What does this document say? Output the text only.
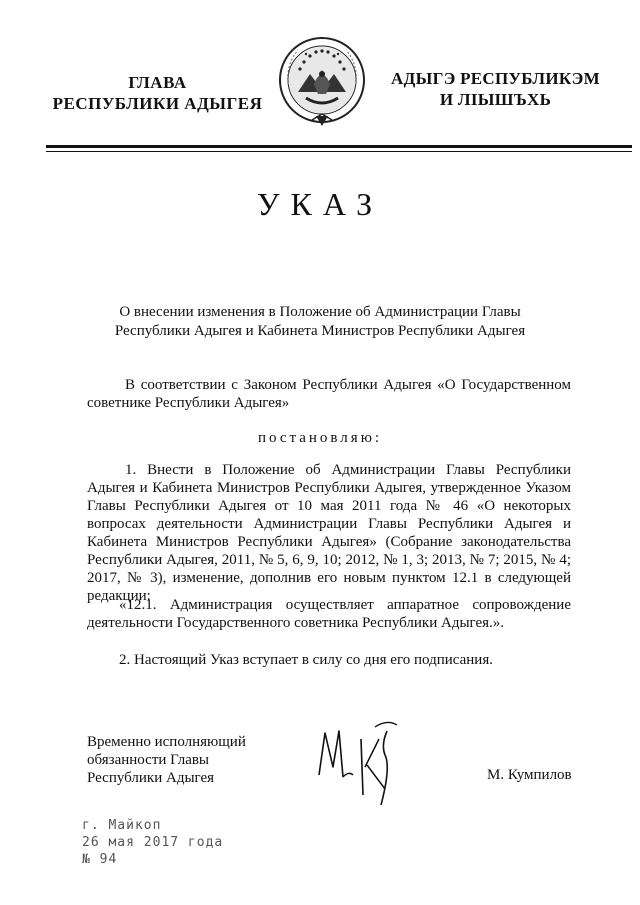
ГЛАВА
РЕСПУБЛИКИ АДЫГЕЯ
АДЫГЭ РЕСПУБЛИКЭМ
И ЛІЫШЪХЬ
УКАЗ
О внесении изменения в Положение об Администрации Главы Республики Адыгея и Кабинета Министров Республики Адыгея
В соответствии с Законом Республики Адыгея «О Государственном советнике Республики Адыгея»
постановляю:
1. Внести в Положение об Администрации Главы Республики Адыгея и Кабинета Министров Республики Адыгея, утвержденное Указом Главы Республики Адыгея от 10 мая 2011 года № 46 «О некоторых вопросах деятельности Администрации Главы Республики Адыгея и Кабинета Министров Республики Адыгея» (Собрание законодательства Республики Адыгея, 2011, № 5, 6, 9, 10; 2012, № 1, 3; 2013, № 7; 2015, № 4; 2017, № 3), изменение, дополнив его новым пунктом 12.1 в следующей редакции:
«12.1. Администрация осуществляет аппаратное сопровождение деятельности Государственного советника Республики Адыгея.».
2. Настоящий Указ вступает в силу со дня его подписания.
Временно исполняющий
обязанности Главы
Республики Адыгея	М. Кумпилов
г. Майкоп
26 мая 2017 года
№ 94
